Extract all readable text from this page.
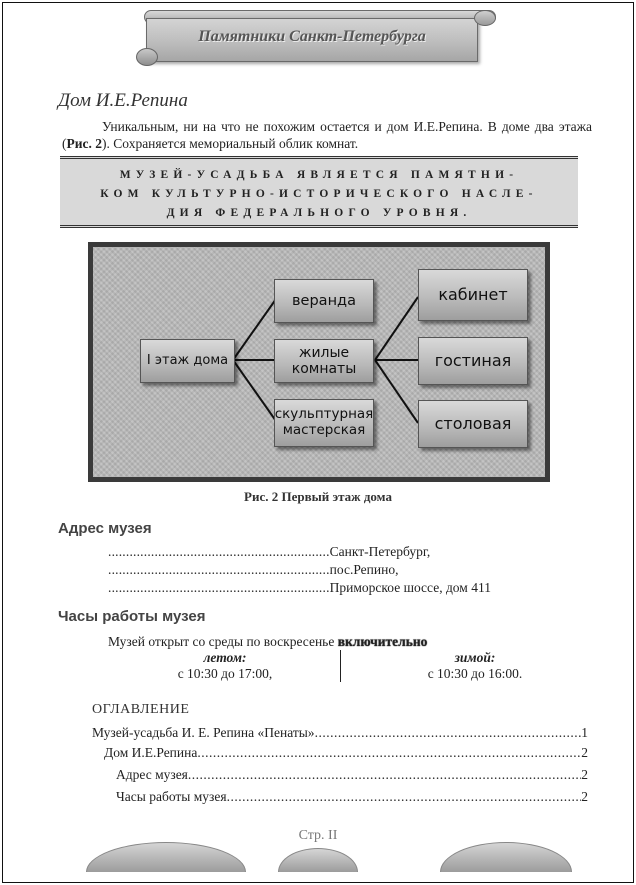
Памятники Санкт-Петербурга
Дом И.Е.Репина
Уникальным, ни на что не похожим остается и дом И.Е.Репина. В доме два этажа (Рис. 2). Сохраняется мемориальный облик комнат.
МУЗЕЙ-УСАДЬБА ЯВЛЯЕТСЯ ПАМЯТНИ-
КОМ КУЛЬТУРНО-ИСТОРИЧЕСКОГО НАСЛЕ-
ДИЯ ФЕДЕРАЛЬНОГО УРОВНЯ.
I этаж дома
веранда
жилые комнаты
скульптурная мастерская
кабинет
гостиная
столовая
Рис. 2 Первый этаж дома
Адрес музея
..............................................................Санкт-Петербург,
..............................................................пос.Репино,
..............................................................Приморское шоссе, дом 411
Часы работы музея
Музей открыт со среды по воскресенье включительно
летом:
с 10:30 до 17:00,
зимой:
с 10:30 до 16:00.
ОГЛАВЛЕНИЕ
Музей-усадьба И. Е. Репина «Пенаты» .....	1
Дом И.Е.Репина .....	2
Адрес музея .....	2
Часы работы музея .....	2
Стр. II
